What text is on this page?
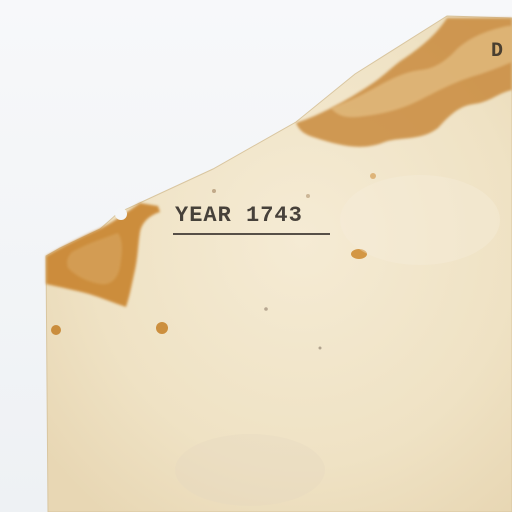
YEAR 1743
D
